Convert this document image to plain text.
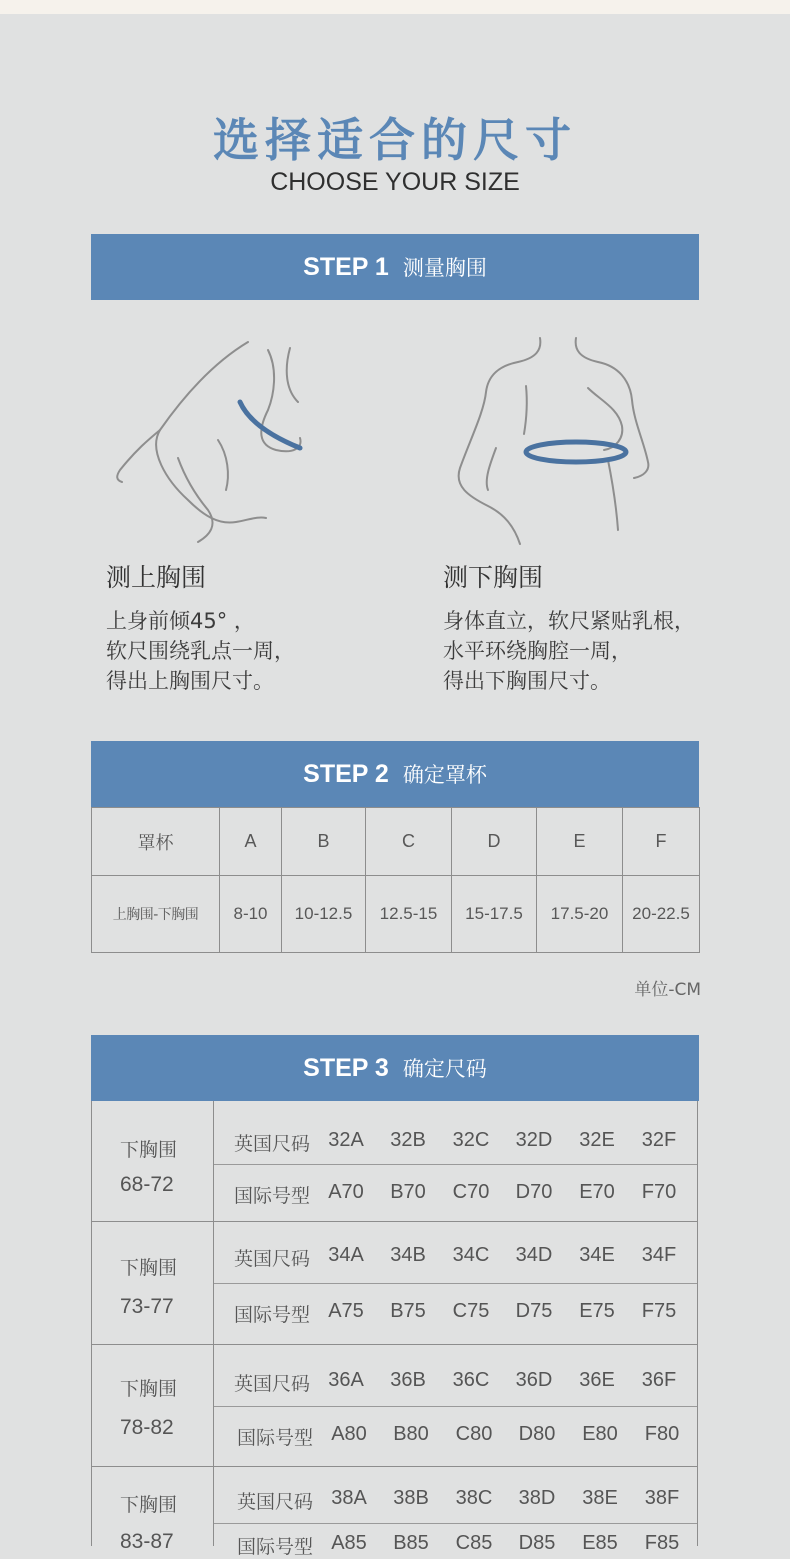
选择适合的尺寸
CHOOSE YOUR SIZE
STEP 1 测量胸围
测上胸围
上身前倾45° ，
软尺围绕乳点一周，
得出上胸围尺寸。
测下胸围
身体直立，软尺紧贴乳根，
水平环绕胸腔一周，
得出下胸围尺寸。
STEP 2 确定罩杯
罩杯	A	B	C	D	E	F
上胸围-下胸围	8-10	10-12.5	12.5-15	15-17.5	17.5-20	20-22.5
单位-CM
STEP 3 确定尺码
下胸围
68-72
英国尺码 32A	32B	32C	32D	32E	32F
国际号型 A70	B70	C70	D70	E70	F70
下胸围
73-77
英国尺码 34A	34B	34C	34D	34E	34F
国际号型 A75	B75	C75	D75	E75	F75
下胸围
78-82
英国尺码 36A	36B	36C	36D	36E	36F
国际号型 A80	B80	C80	D80	E80	F80
下胸围
83-87
英国尺码 38A	38B	38C	38D	38E	38F
国际号型 A85	B85	C85	D85	E85	F85
